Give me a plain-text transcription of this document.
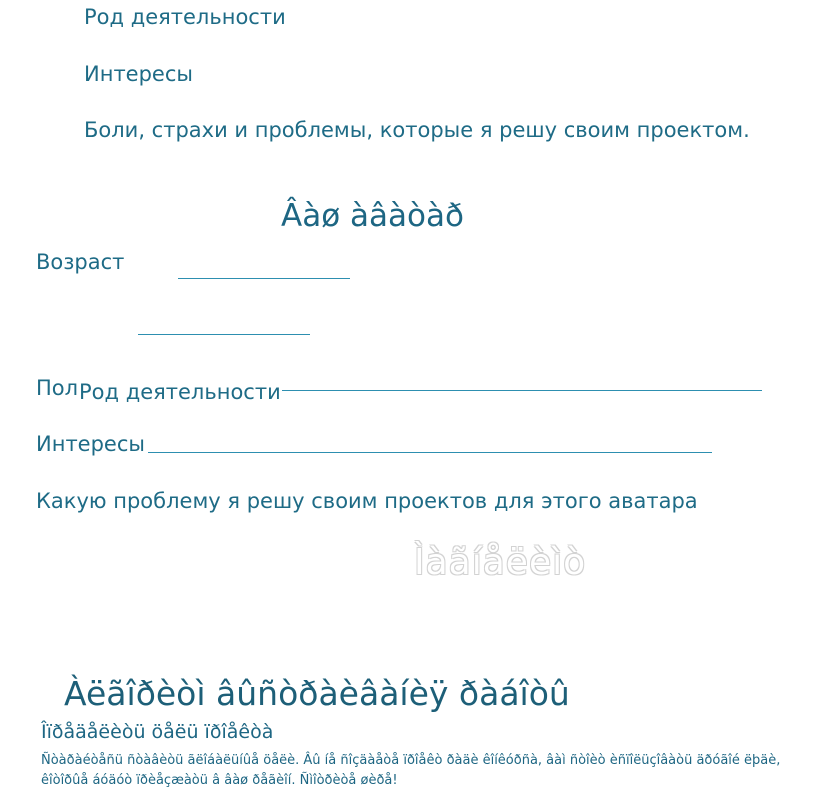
Род деятельности
Интересы
Боли, страхи и проблемы, которые я решу своим проектом.
Âàø àâàòàð
Возраст
Пол Род деятельности
Интересы
Какую проблему я решу своим проектов для этого аватара
Ìàãíåëèìò
Àëãîðèòì âûñòðàèâàíèÿ ðàáîòû
Îïðåäåëèòü öåëü ïðîåêòà
Ñòàðàéòåñü ñòàâèòü ãëîáàëüíûå öåëè. Âû íå ñîçäàåòå ïðîåêò ðàäè êîíêóðñà, âàì ñòîèò èñïîëüçîâàòü äðóãîé ëþäè, êîòîðûå áóäóò ïðèåçæàòü â âàø ðåãèîí. Ñìîòðèòå øèðå!
